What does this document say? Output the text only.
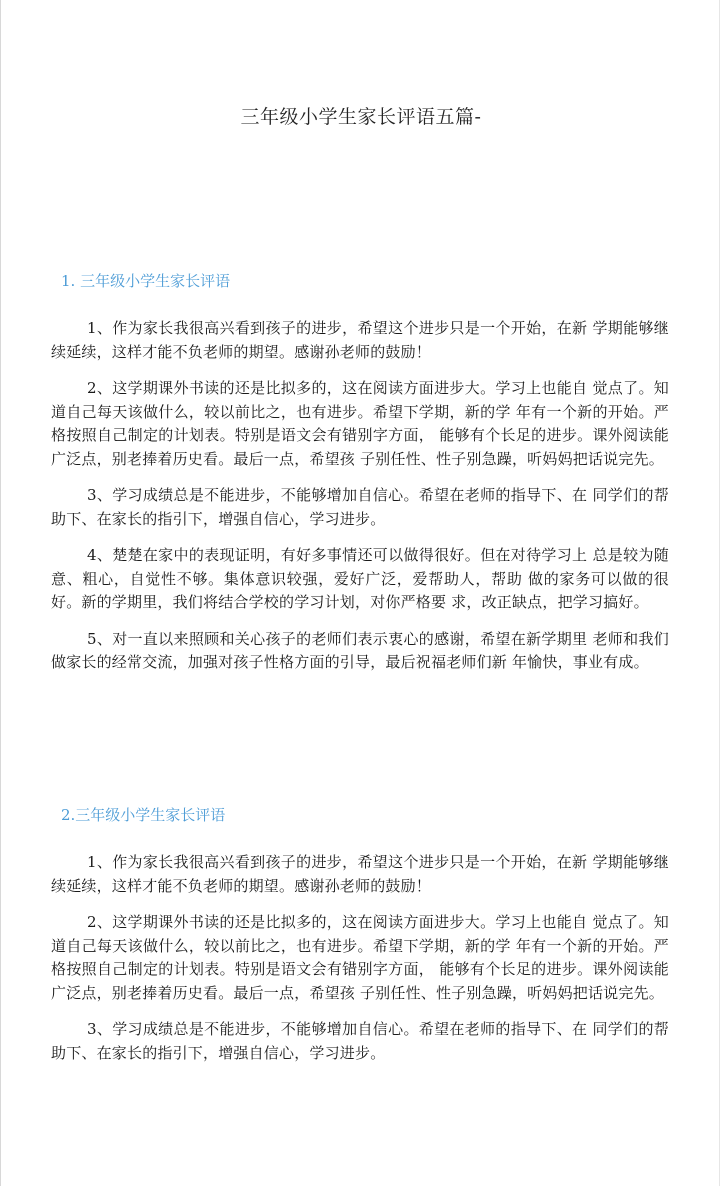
三年级小学生家长评语五篇-
1. 三年级小学生家长评语

1、作为家长我很高兴看到孩子的进步，希望这个进步只是一个开始，在新 学期能够继续延续，这样才能不负老师的期望。感谢孙老师的鼓励！

2、这学期课外书读的还是比拟多的，这在阅读方面进步大。学习上也能自 觉点了。知道自己每天该做什么，较以前比之，也有进步。希望下学期，新的学 年有一个新的开始。严格按照自己制定的计划表。特别是语文会有错别字方面， 能够有个长足的进步。课外阅读能广泛点，别老捧着历史看。最后一点，希望孩 子别任性、性子别急躁，听妈妈把话说完先。

3、学习成绩总是不能进步，不能够增加自信心。希望在老师的指导下、在 同学们的帮助下、在家长的指引下，增强自信心，学习进步。

4、楚楚在家中的表现证明，有好多事情还可以做得很好。但在对待学习上 总是较为随意、粗心，自觉性不够。集体意识较强，爱好广泛，爱帮助人，帮助 做的家务可以做的很好。新的学期里，我们将结合学校的学习计划，对你严格要 求，改正缺点，把学习搞好。

5、对一直以来照顾和关心孩子的老师们表示衷心的感谢，希望在新学期里 老师和我们做家长的经常交流，加强对孩子性格方面的引导，最后祝福老师们新 年愉快，事业有成。

2.三年级小学生家长评语

1、作为家长我很高兴看到孩子的进步，希望这个进步只是一个开始，在新 学期能够继续延续，这样才能不负老师的期望。感谢孙老师的鼓励！

2、这学期课外书读的还是比拟多的，这在阅读方面进步大。学习上也能自 觉点了。知道自己每天该做什么，较以前比之，也有进步。希望下学期，新的学 年有一个新的开始。严格按照自己制定的计划表。特别是语文会有错别字方面， 能够有个长足的进步。课外阅读能广泛点，别老捧着历史看。最后一点，希望孩 子别任性、性子别急躁，听妈妈把话说完先。

3、学习成绩总是不能进步，不能够增加自信心。希望在老师的指导下、在 同学们的帮助下、在家长的指引下，增强自信心，学习进步。
